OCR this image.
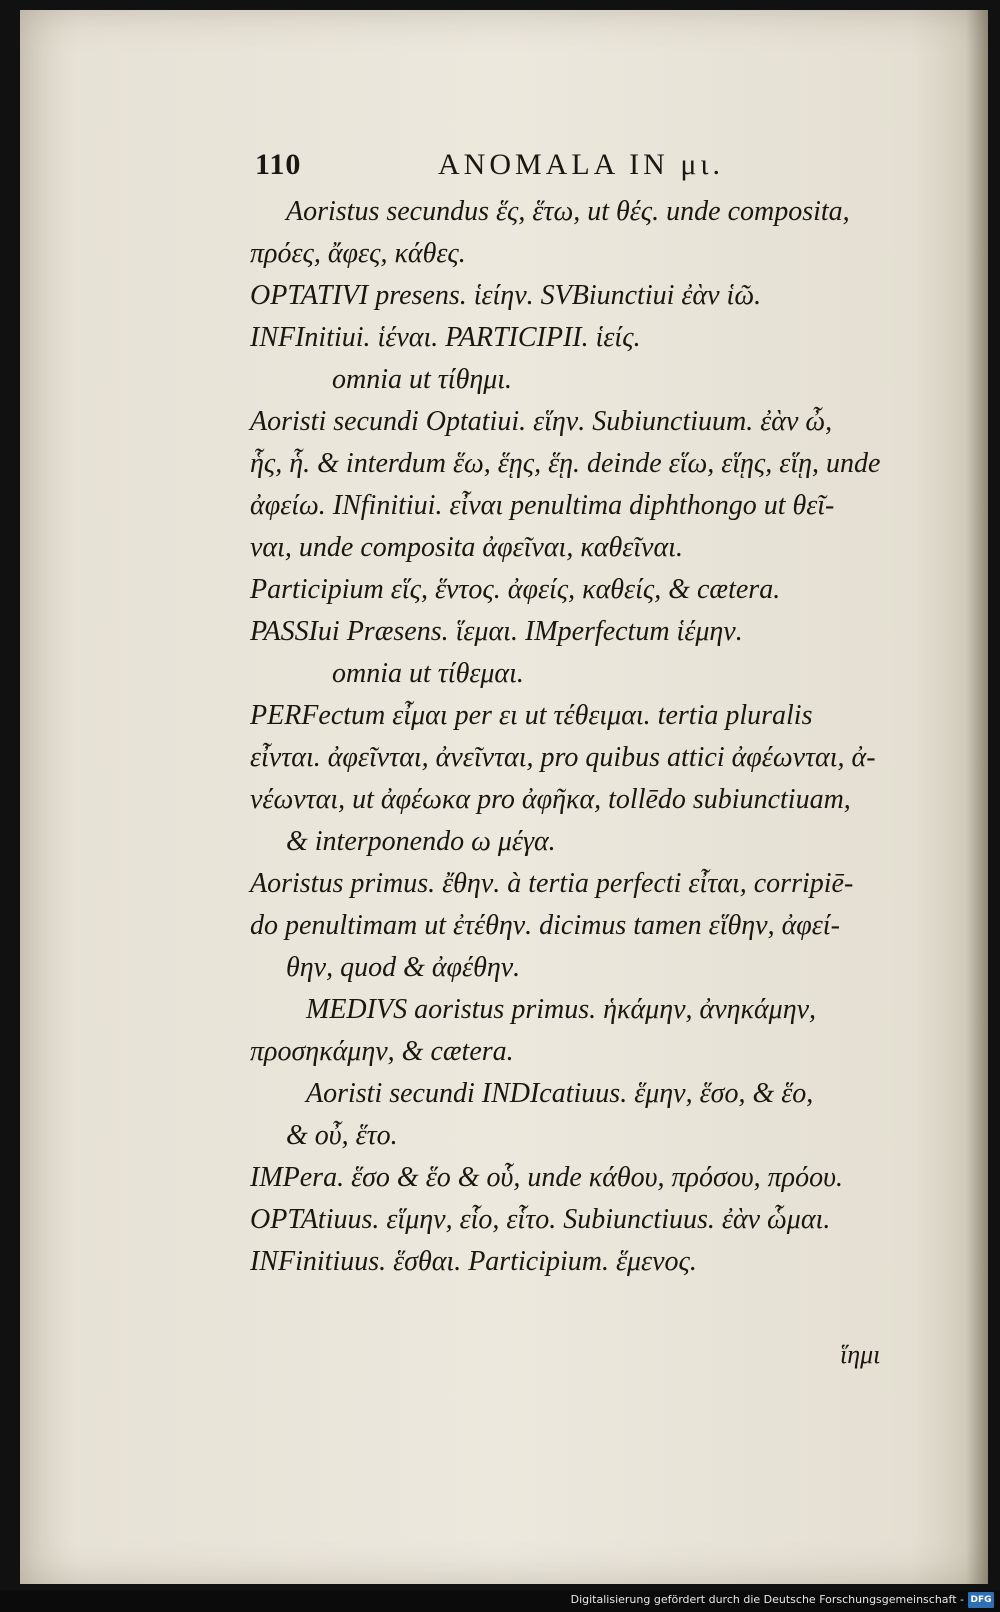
110	ANOMALA IN μι.
Aoristus secundus ἕς, ἕτω, ut θές. unde composita,
πρόες, ἄφες, κάθες.
OPTATIVI presens. ἱείην. SVBiunctiui ἐὰν ἱῶ.
INFInitiui. ἱέναι. PARTICIPII. ἱείς.
omnia ut τίθημι.
Aoristi secundi Optatiui. εἵην. Subiunctiuum. ἐὰν ὦ,
ἧς, ἧ. & interdum ἕω, ἕῃς, ἕῃ. deinde εἵω, εἵῃς, εἵῃ, unde
ἀφείω. INfinitiui. εἶναι penultima diphthongo ut θεῖ-
ναι, unde composita ἀφεῖναι, καθεῖναι.
Participium εἵς, ἕντος. ἀφείς, καθείς, & cætera.
PASSIui Præsens. ἵεμαι. IMperfectum ἱέμην.
omnia ut τίθεμαι.
PERFectum εἶμαι per ει ut τέθειμαι. tertia pluralis
εἶνται. ἀφεῖνται, ἀνεῖνται, pro quibus attici ἀφέωνται, ἀ-
νέωνται, ut ἀφέωκα pro ἀφῆκα, tollēdo subiunctiuam,
& interponendo ω μέγα.
Aoristus primus. ἔθην. à tertia perfecti εἶται, corripiē-
do penultimam ut ἐτέθην. dicimus tamen εἵθην, ἀφεί-
θην, quod & ἀφέθην.
MEDIVS aoristus primus. ἡκάμην, ἀνηκάμην,
προσηκάμην, & cætera.
Aoristi secundi INDIcatiuus. ἕμην, ἕσο, & ἕο,
& οὖ, ἕτο.
IMPera. ἕσο & ἕο & οὗ, unde κάθου, πρόσου, πρόου.
OPTAtiuus. εἵμην, εἷο, εἷτο. Subiunctiuus. ἐὰν ὧμαι.
INFinitiuus. ἕσθαι. Participium. ἕμενος.
ἵημι
Digitalisierung gefördert durch die Deutsche Forschungsgemeinschaft - DFG
